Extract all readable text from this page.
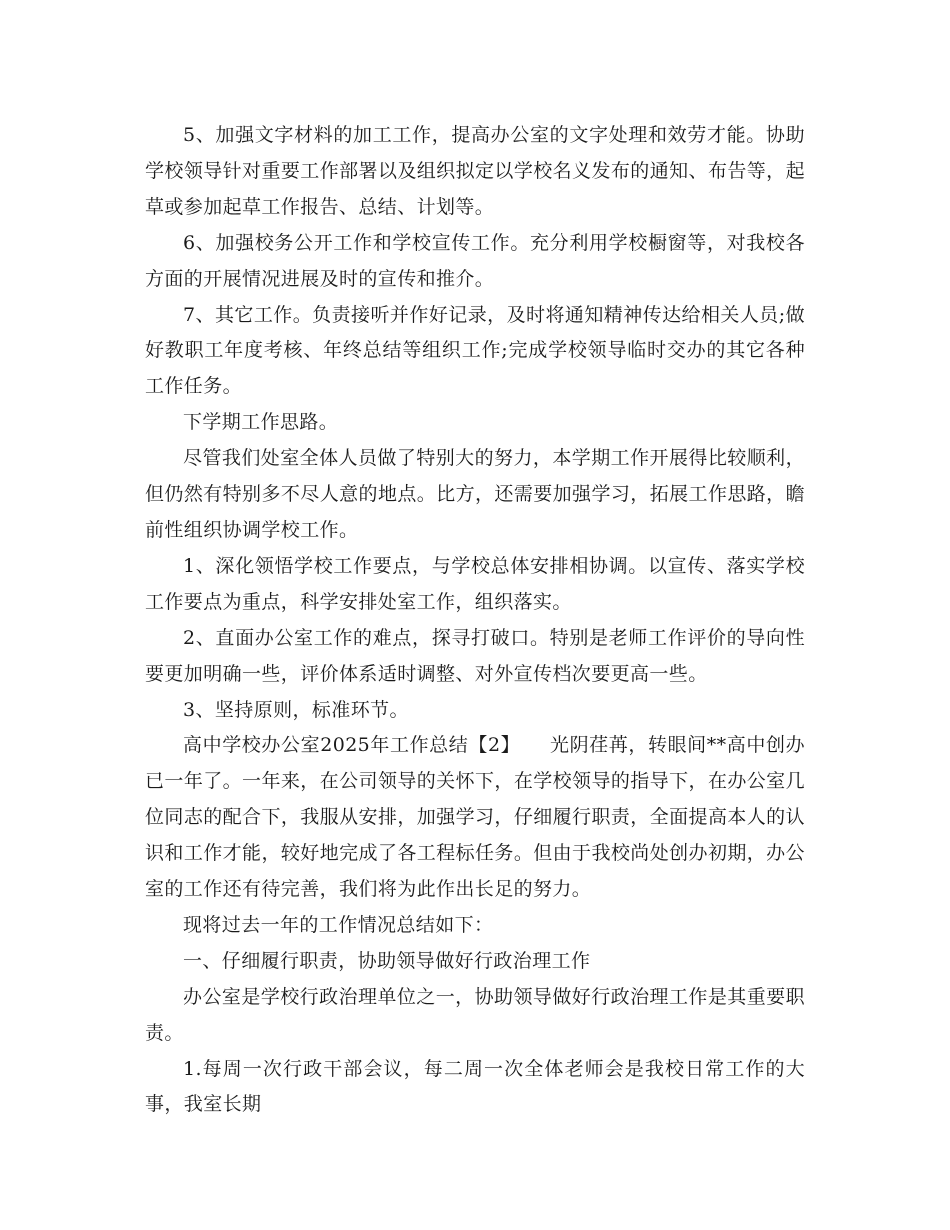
5、加强文字材料的加工工作，提高办公室的文字处理和效劳才能。协助学校领导针对重要工作部署以及组织拟定以学校名义发布的通知、布告等，起草或参加起草工作报告、总结、计划等。

6、加强校务公开工作和学校宣传工作。充分利用学校橱窗等，对我校各方面的开展情况进展及时的宣传和推介。

7、其它工作。负责接听并作好记录，及时将通知精神传达给相关人员;做好教职工年度考核、年终总结等组织工作;完成学校领导临时交办的其它各种工作任务。

下学期工作思路。

尽管我们处室全体人员做了特别大的努力，本学期工作开展得比较顺利，但仍然有特别多不尽人意的地点。比方，还需要加强学习，拓展工作思路，瞻前性组织协调学校工作。

1、深化领悟学校工作要点，与学校总体安排相协调。以宣传、落实学校工作要点为重点，科学安排处室工作，组织落实。

2、直面办公室工作的难点，探寻打破口。特别是老师工作评价的导向性要更加明确一些，评价体系适时调整、对外宣传档次要更高一些。

3、坚持原则，标准环节。

高中学校办公室2025年工作总结【2】　　光阴荏苒，转眼间**高中创办已一年了。一年来，在公司领导的关怀下，在学校领导的指导下，在办公室几位同志的配合下，我服从安排，加强学习，仔细履行职责，全面提高本人的认识和工作才能，较好地完成了各工程标任务。但由于我校尚处创办初期，办公室的工作还有待完善，我们将为此作出长足的努力。

现将过去一年的工作情况总结如下：

一、仔细履行职责，协助领导做好行政治理工作

办公室是学校行政治理单位之一，协助领导做好行政治理工作是其重要职责。

1.每周一次行政干部会议，每二周一次全体老师会是我校日常工作的大事，我室长期
